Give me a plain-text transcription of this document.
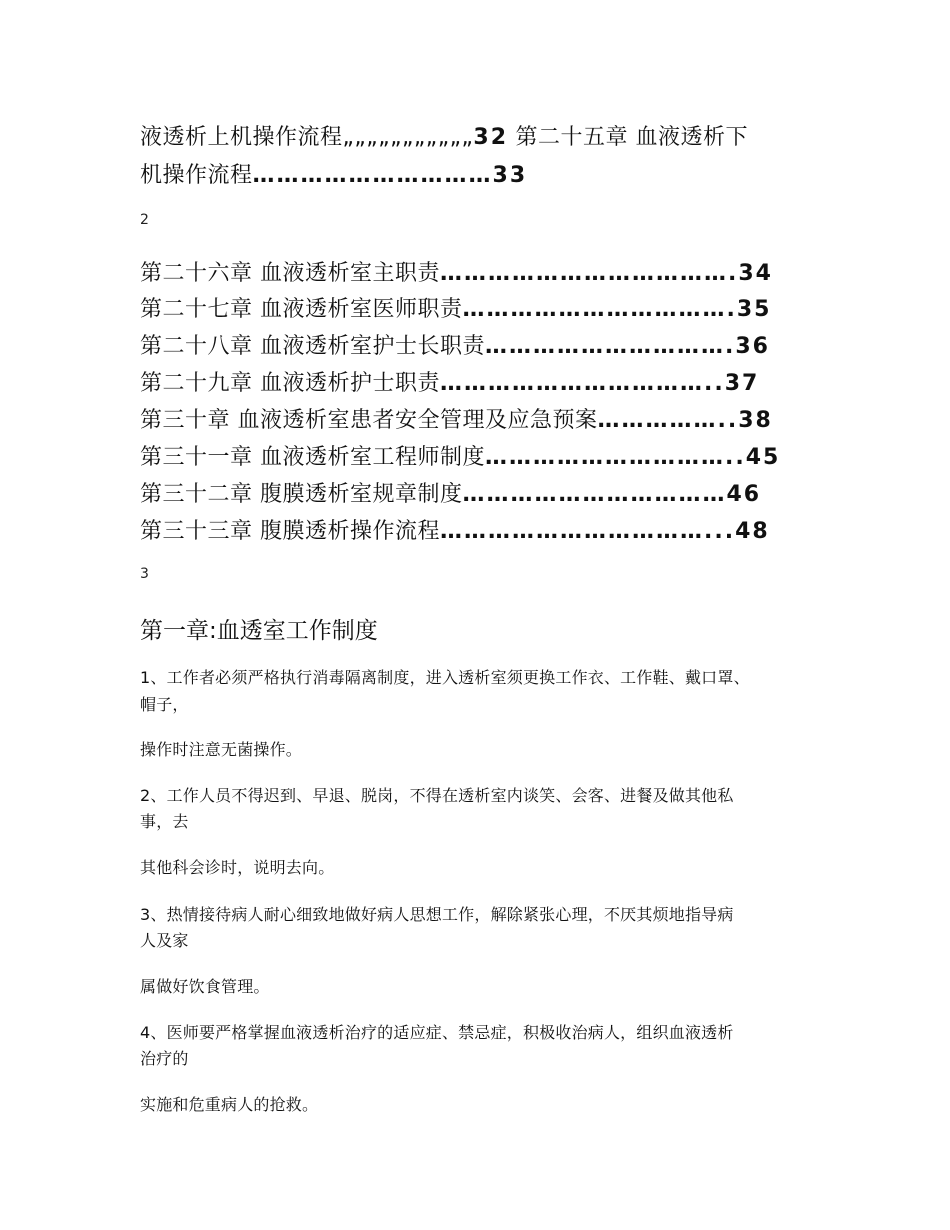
液透析上机操作流程„„„„„„„„„„„32 第二十五章 血液透析下

机操作流程…………………………33

2

第二十六章 血液透析室主职责……………………………….34

第二十七章 血液透析室医师职责…………………………….35

第二十八章 血液透析室护士长职责………………………….36

第二十九章 血液透析护士职责……………………………..37

第三十章 血液透析室患者安全管理及应急预案……………..38

第三十一章 血液透析室工程师制度…………………………..45

第三十二章 腹膜透析室规章制度……………………………46

第三十三章 腹膜透析操作流程……………………………...48

3

第一章:血透室工作制度

1、工作者必须严格执行消毒隔离制度，进入透析室须更换工作衣、工作鞋、戴口罩、

帽子，

操作时注意无菌操作。

2、工作人员不得迟到、早退、脱岗，不得在透析室内谈笑、会客、进餐及做其他私

事，去

其他科会诊时，说明去向。

3、热情接待病人耐心细致地做好病人思想工作，解除紧张心理，不厌其烦地指导病

人及家

属做好饮食管理。

4、医师要严格掌握血液透析治疗的适应症、禁忌症，积极收治病人，组织血液透析

治疗的

实施和危重病人的抢救。
